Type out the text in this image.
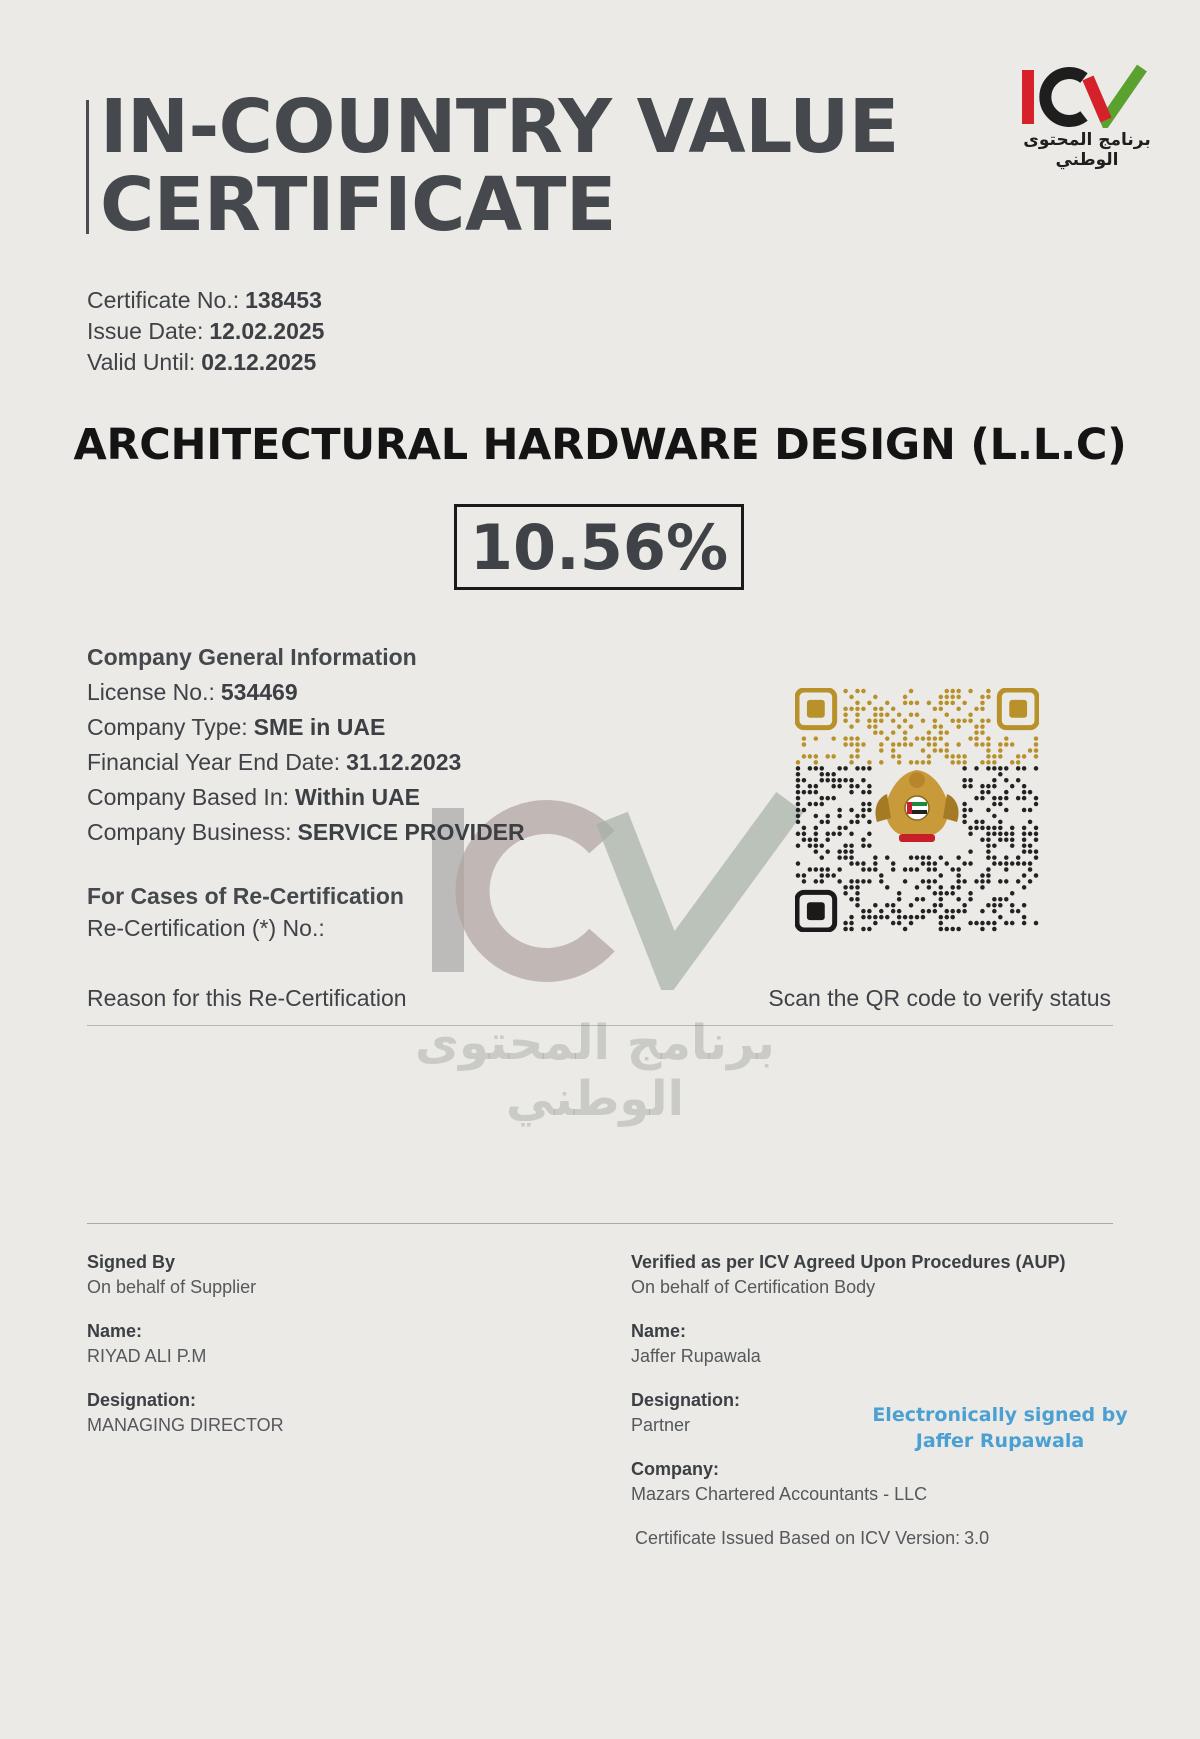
IN-COUNTRY VALUE
CERTIFICATE
برنامج المحتوى الوطني
Certificate No.: 138453
Issue Date: 12.02.2025
Valid Until: 02.12.2025
ARCHITECTURAL HARDWARE DESIGN (L.L.C)
10.56%
Company General Information
License No.: 534469
Company Type: SME in UAE
Financial Year End Date: 31.12.2023
Company Based In: Within UAE
Company Business: SERVICE PROVIDER
For Cases of Re-Certification
Re-Certification (*) No.:
Reason for this Re-Certification	Scan the QR code to verify status
برنامج المحتوى الوطني
Signed By
On behalf of Supplier
Name:
RIYAD ALI P.M
Designation:
MANAGING DIRECTOR
Verified as per ICV Agreed Upon Procedures (AUP)
On behalf of Certification Body
Name:
Jaffer Rupawala
Designation:
Partner
Company:
Mazars Chartered Accountants - LLC
Certificate Issued Based on ICV Version: 3.0
Electronically signed by
Jaffer Rupawala
